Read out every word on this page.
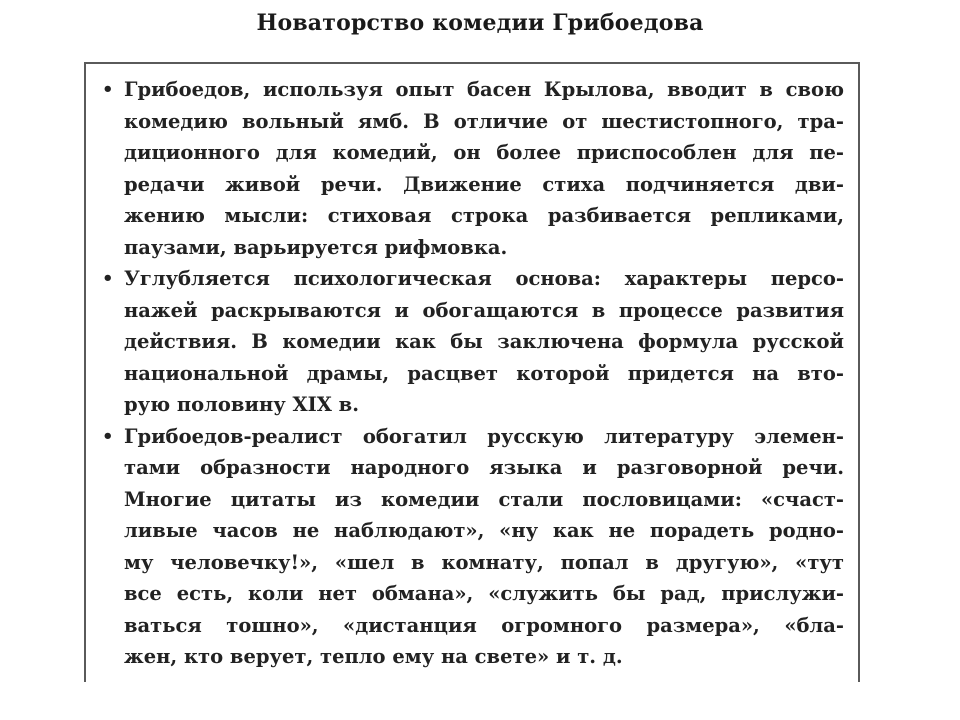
Новаторство комедии Грибоедова
• Грибоедов, используя опыт басен Крылова, вводит в свою
комедию вольный ямб. В отличие от шестистопного, тра-
диционного для комедий, он более приспособлен для пе-
редачи живой речи. Движение стиха подчиняется дви-
жению мысли: стиховая строка разбивается репликами,
паузами, варьируется рифмовка.
• Углубляется психологическая основа: характеры персо-
нажей раскрываются и обогащаются в процессе развития
действия. В комедии как бы заключена формула русской
национальной драмы, расцвет которой придется на вто-
рую половину XIX в.
• Грибоедов-реалист обогатил русскую литературу элемен-
тами образности народного языка и разговорной речи.
Многие цитаты из комедии стали пословицами: «счаст-
ливые часов не наблюдают», «ну как не порадеть родно-
му человечку!», «шел в комнату, попал в другую», «тут
все есть, коли нет обмана», «служить бы рад, прислужи-
ваться тошно», «дистанция огромного размера», «бла-
жен, кто верует, тепло ему на свете» и т. д.
